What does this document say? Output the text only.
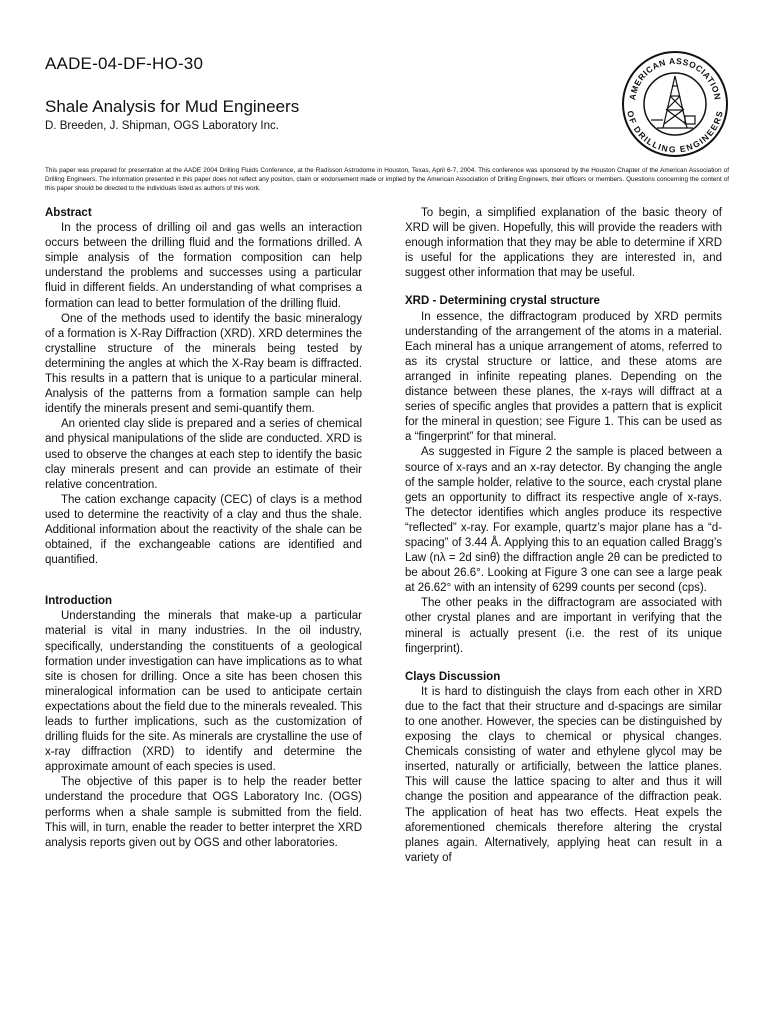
AADE-04-DF-HO-30
Shale Analysis for Mud Engineers
D. Breeden, J. Shipman, OGS Laboratory Inc.
AMERICAN ASSOCIATION
OF DRILLING ENGINEERS
This paper was prepared for presentation at the AADE 2004 Drilling Fluids Conference, at the Radisson Astrodome in Houston, Texas, April 6-7, 2004. This conference was sponsored by the Houston Chapter of the American Association of Drilling Engineers. The information presented in this paper does not reflect any position, claim or endorsement made or implied by the American Association of Drilling Engineers, their officers or members. Questions concerning the content of this paper should be directed to the individuals listed as authors of this work.
Abstract

In the process of drilling oil and gas wells an interaction occurs between the drilling fluid and the formations drilled. A simple analysis of the formation composition can help understand the problems and successes using a particular fluid in different fields. An understanding of what comprises a formation can lead to better formulation of the drilling fluid.

One of the methods used to identify the basic mineralogy of a formation is X-Ray Diffraction (XRD). XRD determines the crystalline structure of the minerals being tested by determining the angles at which the X-Ray beam is diffracted. This results in a pattern that is unique to a particular mineral. Analysis of the patterns from a formation sample can help identify the minerals present and semi-quantify them.

An oriented clay slide is prepared and a series of chemical and physical manipulations of the slide are conducted. XRD is used to observe the changes at each step to identify the basic clay minerals present and can provide an estimate of their relative concentration.

The cation exchange capacity (CEC) of clays is a method used to determine the reactivity of a clay and thus the shale. Additional information about the reactivity of the shale can be obtained, if the exchangeable cations are identified and quantified.

Introduction

Understanding the minerals that make-up a particular material is vital in many industries. In the oil industry, specifically, understanding the constituents of a geological formation under investigation can have implications as to what site is chosen for drilling. Once a site has been chosen this mineralogical information can be used to anticipate certain expectations about the field due to the minerals revealed. This leads to further implications, such as the customization of drilling fluids for the site. As minerals are crystalline the use of x-ray diffraction (XRD) to identify and determine the approximate amount of each species is used.

The objective of this paper is to help the reader better understand the procedure that OGS Laboratory Inc. (OGS) performs when a shale sample is submitted from the field. This will, in turn, enable the reader to better interpret the XRD analysis reports given out by OGS and other laboratories.

To begin, a simplified explanation of the basic theory of XRD will be given. Hopefully, this will provide the readers with enough information that they may be able to determine if XRD is useful for the applications they are interested in, and suggest other information that may be useful.

XRD - Determining crystal structure

In essence, the diffractogram produced by XRD permits understanding of the arrangement of the atoms in a material. Each mineral has a unique arrangement of atoms, referred to as its crystal structure or lattice, and these atoms are arranged in infinite repeating planes. Depending on the distance between these planes, the x-rays will diffract at a series of specific angles that provides a pattern that is explicit for the mineral in question; see Figure 1. This can be used as a “fingerprint” for that mineral.

As suggested in Figure 2 the sample is placed between a source of x-rays and an x-ray detector. By changing the angle of the sample holder, relative to the source, each crystal plane gets an opportunity to diffract its respective angle of x-rays. The detector identifies which angles produce its respective “reflected” x-ray. For example, quartz’s major plane has a “d-spacing” of 3.44 Å. Applying this to an equation called Bragg’s Law (nλ = 2d sinθ) the diffraction angle 2θ can be predicted to be about 26.6°. Looking at Figure 3 one can see a large peak at 26.62° with an intensity of 6299 counts per second (cps).

The other peaks in the diffractogram are associated with other crystal planes and are important in verifying that the mineral is actually present (i.e. the rest of its unique fingerprint).

Clays Discussion

It is hard to distinguish the clays from each other in XRD due to the fact that their structure and d-spacings are similar to one another. However, the species can be distinguished by exposing the clays to chemical or physical changes. Chemicals consisting of water and ethylene glycol may be inserted, naturally or artificially, between the lattice planes. This will cause the lattice spacing to alter and thus it will change the position and appearance of the diffraction peak. The application of heat has two effects. Heat expels the aforementioned chemicals therefore altering the crystal planes again. Alternatively, applying heat can result in a variety of
